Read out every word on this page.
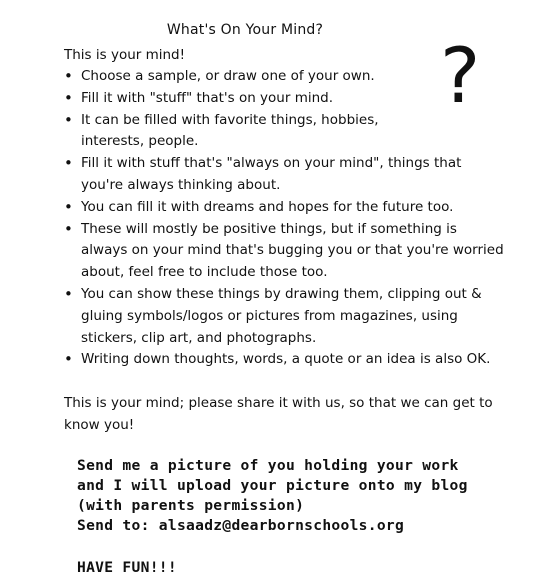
What's On Your Mind?
?
This is your mind!
• Choose a sample, or draw one of your own.
• Fill it with "stuff" that's on your mind.
• It can be filled with favorite things, hobbies,
interests, people.
• Fill it with stuff that's "always on your mind", things that
you're always thinking about.
• You can fill it with dreams and hopes for the future too.
• These will mostly be positive things, but if something is
always on your mind that's bugging you or that you're worried
about, feel free to include those too.
• You can show these things by drawing them, clipping out &
gluing symbols/logos or pictures from magazines, using
stickers, clip art, and photographs.
• Writing down thoughts, words, a quote or an idea is also OK.
This is your mind; please share it with us, so that we can get to
know you!
Send me a picture of you holding your work
and I will upload your picture onto my blog
(with parents permission)
Send to: alsaadz@dearbornschools.org
HAVE FUN!!!
